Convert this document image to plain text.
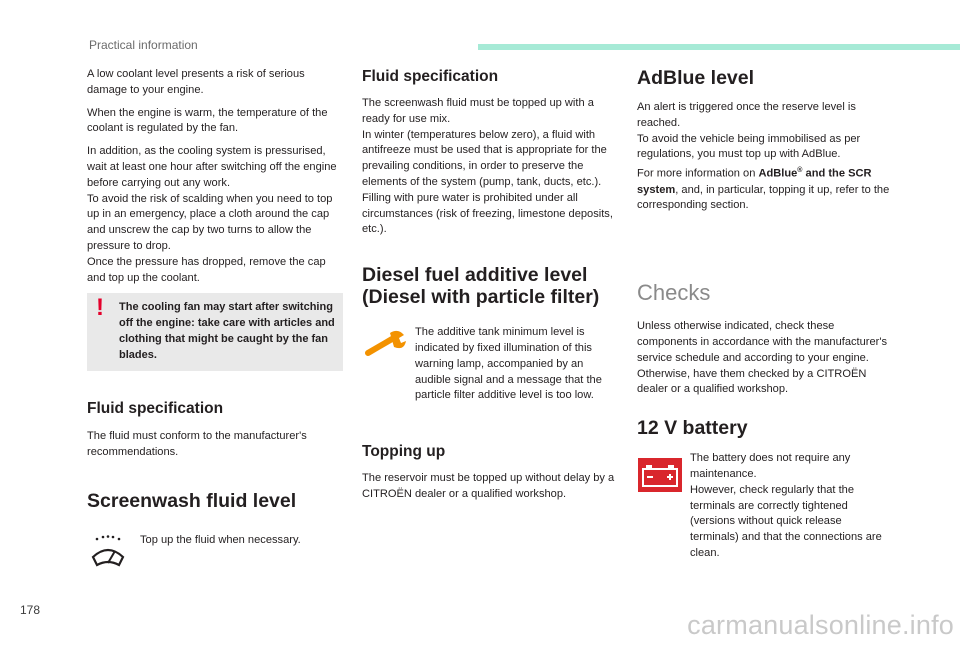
Practical information

A low coolant level presents a risk of serious damage to your engine.

When the engine is warm, the temperature of the coolant is regulated by the fan.

In addition, as the cooling system is pressurised, wait at least one hour after switching off the engine before carrying out any work.
To avoid the risk of scalding when you need to top up in an emergency, place a cloth around the cap and unscrew the cap by two turns to allow the pressure to drop.
Once the pressure has dropped, remove the cap and top up the coolant.

! The cooling fan may start after switching off the engine: take care with articles and clothing that might be caught by the fan blades.
Fluid specification

The fluid must conform to the manufacturer's recommendations.

Screenwash fluid level
Top up the fluid when necessary.
Fluid specification

The screenwash fluid must be topped up with a ready for use mix.
In winter (temperatures below zero), a fluid with antifreeze must be used that is appropriate for the prevailing conditions, in order to preserve the elements of the system (pump, tank, ducts, etc.).
Filling with pure water is prohibited under all circumstances (risk of freezing, limestone deposits, etc.).

Diesel fuel additive level
(Diesel with particle filter)
The additive tank minimum level is indicated by fixed illumination of this warning lamp, accompanied by an audible signal and a message that the particle filter additive level is too low.
Topping up

The reservoir must be topped up without delay by a CITROËN dealer or a qualified workshop.

AdBlue level

An alert is triggered once the reserve level is reached.
To avoid the vehicle being immobilised as per regulations, you must top up with AdBlue.
For more information on AdBlue® and the SCR system, and, in particular, topping it up, refer to the corresponding section.

Checks

Unless otherwise indicated, check these components in accordance with the manufacturer's service schedule and according to your engine.
Otherwise, have them checked by a CITROËN dealer or a qualified workshop.

12 V battery
The battery does not require any maintenance.
However, check regularly that the terminals are correctly tightened (versions without quick release terminals) and that the connections are clean.
178	carmanualsonline.info
